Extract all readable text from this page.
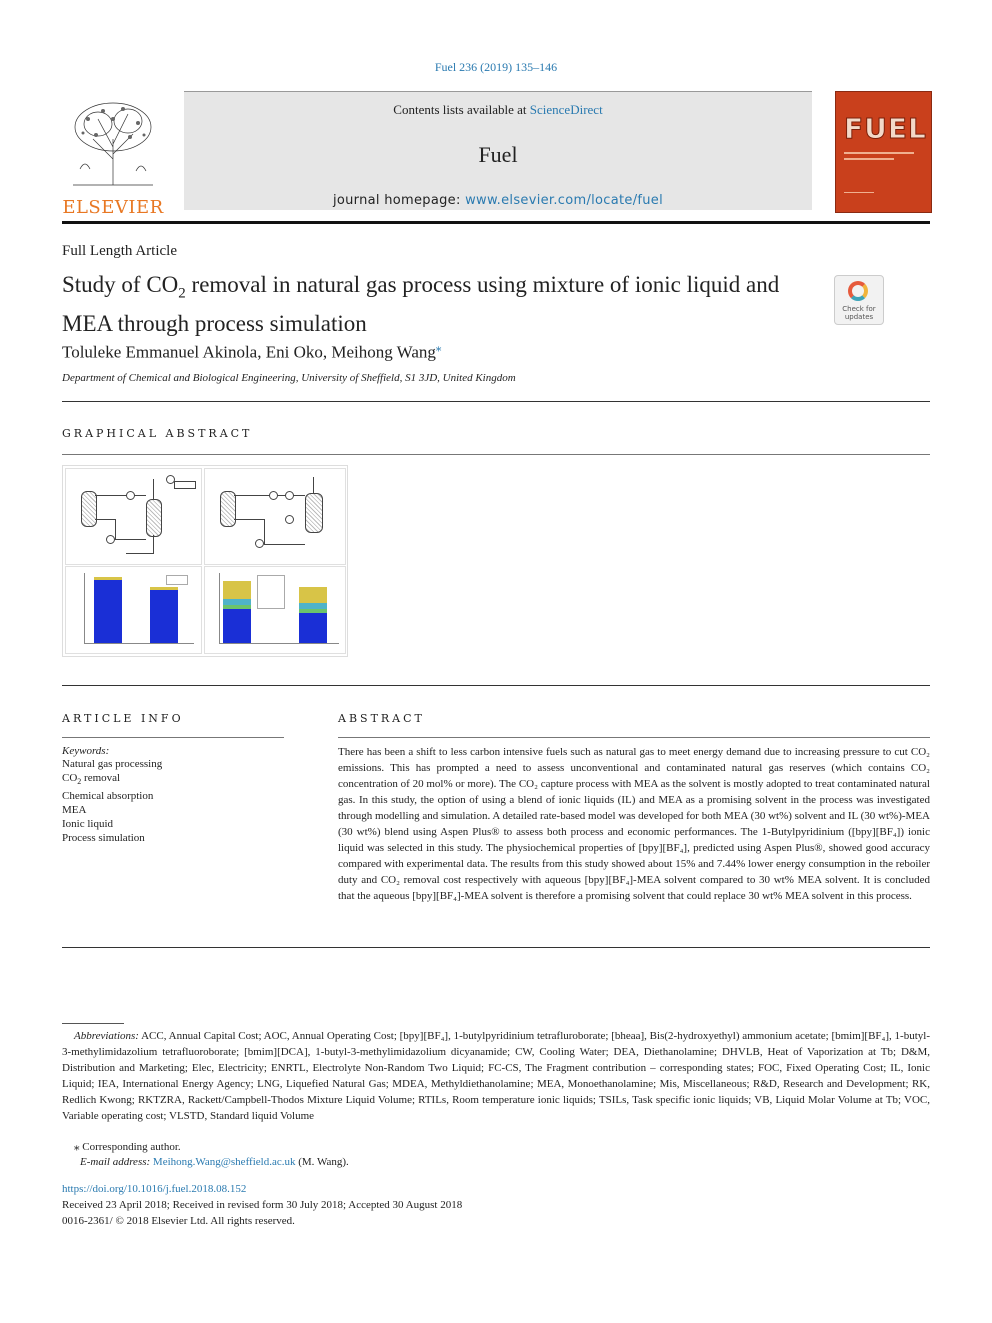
Fuel 236 (2019) 135–146
ELSEVIER
Contents lists available at ScienceDirect
Fuel
journal homepage: www.elsevier.com/locate/fuel
FUEL
Full Length Article
Study of $CO_2$ removal in natural gas process using mixture of ionic liquid and MEA through process simulation
Check for updates
Toluleke Emmanuel Akinola, Eni Oko, Meihong Wang⁎
Department of Chemical and Biological Engineering, University of Sheffield, S1 3JD, United Kingdom
GRAPHICAL ABSTRACT
ARTICLE INFO
Keywords:
Natural gas processing
$CO_2$ removal
Chemical absorption
MEA
Ionic liquid
Process simulation
ABSTRACT
There has been a shift to less carbon intensive fuels such as natural gas to meet energy demand due to increasing pressure to cut CO₂ emissions. This has prompted a need to assess unconventional and contaminated natural gas reserves (which contains CO₂ concentration of 20 mol% or more). The CO₂ capture process with MEA as the solvent is mostly adopted to treat contaminated natural gas. In this study, the option of using a blend of ionic liquids (IL) and MEA as a promising solvent in the process was investigated through modelling and simulation. A detailed rate-based model was developed for both MEA (30 wt%) solvent and IL (30 wt%)-MEA (30 wt%) blend using Aspen Plus® to assess both process and economic performances. The 1-Butylpyridinium ([bpy][BF₄]) ionic liquid was selected in this study. The physiochemical properties of [bpy][BF₄], predicted using Aspen Plus®, showed good accuracy compared with experimental data. The results from this study showed about 15% and 7.44% lower energy consumption in the reboiler duty and CO₂ removal cost respectively with aqueous [bpy][BF₄]-MEA solvent compared to 30 wt% MEA solvent. It is concluded that the aqueous [bpy][BF₄]-MEA solvent is therefore a promising solvent that could replace 30 wt% MEA solvent in this process.
Abbreviations: ACC, Annual Capital Cost; AOC, Annual Operating Cost; [bpy][BF₄], 1-butylpyridinium tetrafluroborate; [bheaa], Bis(2-hydroxyethyl) ammonium acetate; [bmim][BF₄], 1-butyl-3-methylimidazolium tetrafluoroborate; [bmim][DCA], 1-butyl-3-methylimidazolium dicyanamide; CW, Cooling Water; DEA, Diethanolamine; DHVLB, Heat of Vaporization at Tb; D&M, Distribution and Marketing; Elec, Electricity; ENRTL, Electrolyte Non-Random Two Liquid; FC-CS, The Fragment contribution – corresponding states; FOC, Fixed Operating Cost; IL, Ionic Liquid; IEA, International Energy Agency; LNG, Liquefied Natural Gas; MDEA, Methyldiethanolamine; MEA, Monoethanolamine; Mis, Miscellaneous; R&D, Research and Development; RK, Redlich Kwong; RKTZRA, Rackett/Campbell-Thodos Mixture Liquid Volume; RTILs, Room temperature ionic liquids; TSILs, Task specific ionic liquids; VB, Liquid Molar Volume at Tb; VOC, Variable operating cost; VLSTD, Standard liquid Volume
⁎ Corresponding author.
E-mail address: Meihong.Wang@sheffield.ac.uk (M. Wang).
https://doi.org/10.1016/j.fuel.2018.08.152
Received 23 April 2018; Received in revised form 30 July 2018; Accepted 30 August 2018
0016-2361/ © 2018 Elsevier Ltd. All rights reserved.
